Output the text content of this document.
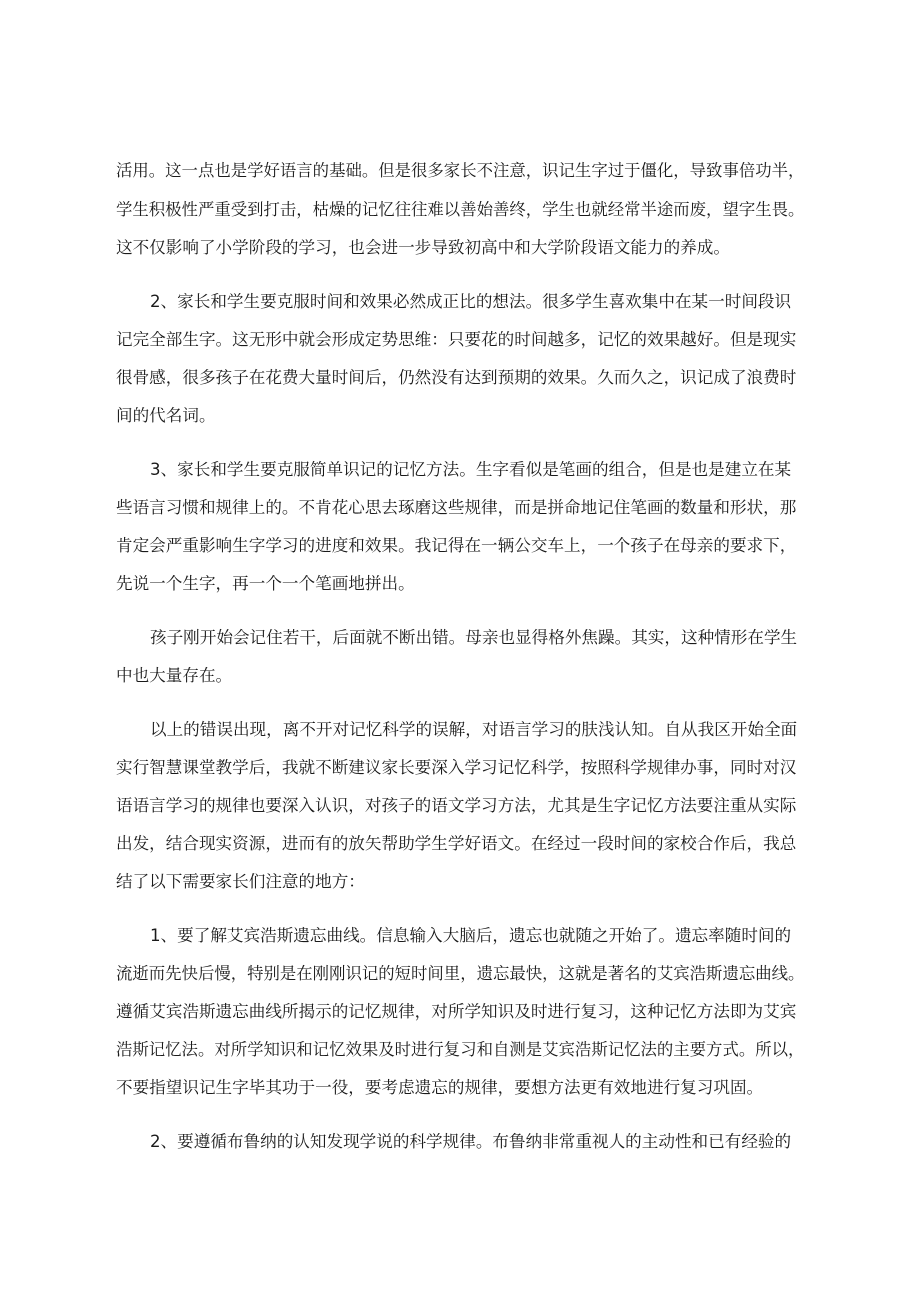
活用。这一点也是学好语言的基础。但是很多家长不注意，识记生字过于僵化，导致事倍功半，
学生积极性严重受到打击，枯燥的记忆往往难以善始善终，学生也就经常半途而废，望字生畏。
这不仅影响了小学阶段的学习，也会进一步导致初高中和大学阶段语文能力的养成。
2、家长和学生要克服时间和效果必然成正比的想法。很多学生喜欢集中在某一时间段识
记完全部生字。这无形中就会形成定势思维：只要花的时间越多，记忆的效果越好。但是现实
很骨感，很多孩子在花费大量时间后，仍然没有达到预期的效果。久而久之，识记成了浪费时
间的代名词。
3、家长和学生要克服简单识记的记忆方法。生字看似是笔画的组合，但是也是建立在某
些语言习惯和规律上的。不肯花心思去琢磨这些规律，而是拼命地记住笔画的数量和形状，那
肯定会严重影响生字学习的进度和效果。我记得在一辆公交车上，一个孩子在母亲的要求下，
先说一个生字，再一个一个笔画地拼出。
孩子刚开始会记住若干，后面就不断出错。母亲也显得格外焦躁。其实，这种情形在学生
中也大量存在。
以上的错误出现，离不开对记忆科学的误解，对语言学习的肤浅认知。自从我区开始全面
实行智慧课堂教学后，我就不断建议家长要深入学习记忆科学，按照科学规律办事，同时对汉
语语言学习的规律也要深入认识，对孩子的语文学习方法，尤其是生字记忆方法要注重从实际
出发，结合现实资源，进而有的放矢帮助学生学好语文。在经过一段时间的家校合作后，我总
结了以下需要家长们注意的地方：
1、要了解艾宾浩斯遗忘曲线。信息输入大脑后，遗忘也就随之开始了。遗忘率随时间的
流逝而先快后慢，特别是在刚刚识记的短时间里，遗忘最快，这就是著名的艾宾浩斯遗忘曲线。
遵循艾宾浩斯遗忘曲线所揭示的记忆规律，对所学知识及时进行复习，这种记忆方法即为艾宾
浩斯记忆法。对所学知识和记忆效果及时进行复习和自测是艾宾浩斯记忆法的主要方式。所以，
不要指望识记生字毕其功于一役，要考虑遗忘的规律，要想方法更有效地进行复习巩固。
2、要遵循布鲁纳的认知发现学说的科学规律。布鲁纳非常重视人的主动性和已有经验的
